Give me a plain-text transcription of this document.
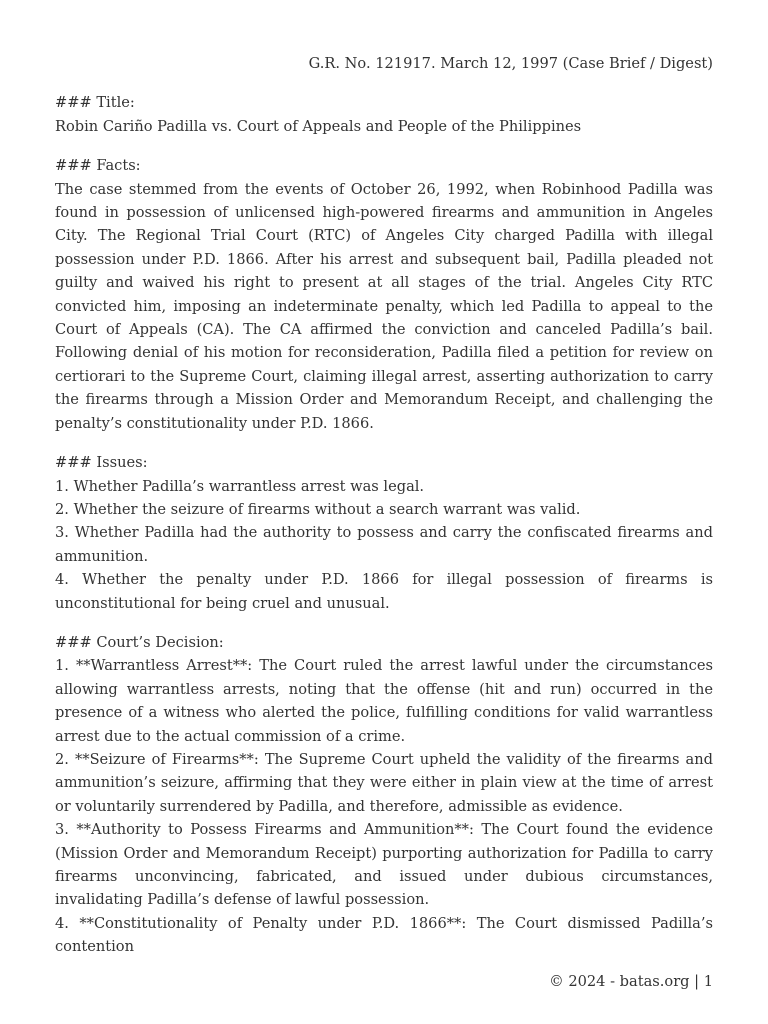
G.R. No. 121917. March 12, 1997 (Case Brief / Digest)

### Title:

Robin Cariño Padilla vs. Court of Appeals and People of the Philippines

### Facts:

The case stemmed from the events of October 26, 1992, when Robinhood Padilla was found in possession of unlicensed high-powered firearms and ammunition in Angeles City. The Regional Trial Court (RTC) of Angeles City charged Padilla with illegal possession under P.D. 1866. After his arrest and subsequent bail, Padilla pleaded not guilty and waived his right to present at all stages of the trial. Angeles City RTC convicted him, imposing an indeterminate penalty, which led Padilla to appeal to the Court of Appeals (CA). The CA affirmed the conviction and canceled Padilla’s bail. Following denial of his motion for reconsideration, Padilla filed a petition for review on certiorari to the Supreme Court, claiming illegal arrest, asserting authorization to carry the firearms through a Mission Order and Memorandum Receipt, and challenging the penalty’s constitutionality under P.D. 1866.

### Issues:

1. Whether Padilla’s warrantless arrest was legal.

2. Whether the seizure of firearms without a search warrant was valid.

3. Whether Padilla had the authority to possess and carry the confiscated firearms and ammunition.

4. Whether the penalty under P.D. 1866 for illegal possession of firearms is unconstitutional for being cruel and unusual.

### Court’s Decision:

1. **Warrantless Arrest**: The Court ruled the arrest lawful under the circumstances allowing warrantless arrests, noting that the offense (hit and run) occurred in the presence of a witness who alerted the police, fulfilling conditions for valid warrantless arrest due to the actual commission of a crime.

2. **Seizure of Firearms**: The Supreme Court upheld the validity of the firearms and ammunition’s seizure, affirming that they were either in plain view at the time of arrest or voluntarily surrendered by Padilla, and therefore, admissible as evidence.

3. **Authority to Possess Firearms and Ammunition**: The Court found the evidence (Mission Order and Memorandum Receipt) purporting authorization for Padilla to carry firearms unconvincing, fabricated, and issued under dubious circumstances, invalidating Padilla’s defense of lawful possession.

4. **Constitutionality of Penalty under P.D. 1866**: The Court dismissed Padilla’s contention

© 2024 - batas.org | 1
